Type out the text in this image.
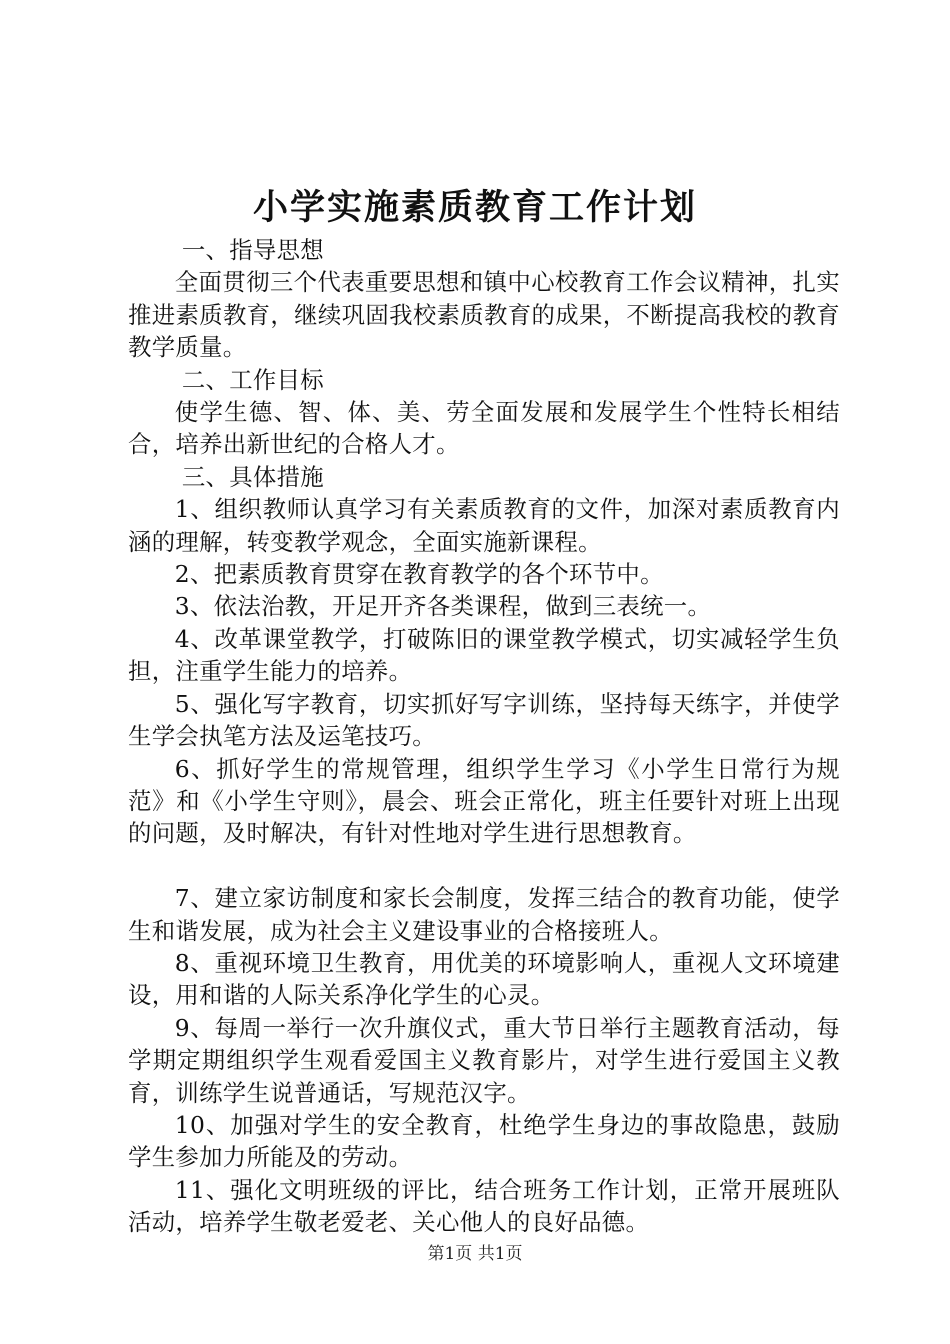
小学实施素质教育工作计划

一、指导思想

全面贯彻三个代表重要思想和镇中心校教育工作会议精神，扎实推进素质教育，继续巩固我校素质教育的成果，不断提高我校的教育教学质量。

二、工作目标

使学生德、智、体、美、劳全面发展和发展学生个性特长相结合，培养出新世纪的合格人才。

三、具体措施

1、组织教师认真学习有关素质教育的文件，加深对素质教育内涵的理解，转变教学观念，全面实施新课程。

2、把素质教育贯穿在教育教学的各个环节中。

3、依法治教，开足开齐各类课程，做到三表统一。

4、改革课堂教学，打破陈旧的课堂教学模式，切实减轻学生负担，注重学生能力的培养。

5、强化写字教育，切实抓好写字训练，坚持每天练字，并使学生学会执笔方法及运笔技巧。

6、抓好学生的常规管理，组织学生学习《小学生日常行为规范》和《小学生守则》，晨会、班会正常化，班主任要针对班上出现的问题，及时解决，有针对性地对学生进行思想教育。

7、建立家访制度和家长会制度，发挥三结合的教育功能，使学生和谐发展，成为社会主义建设事业的合格接班人。

8、重视环境卫生教育，用优美的环境影响人，重视人文环境建设，用和谐的人际关系净化学生的心灵。

9、每周一举行一次升旗仪式，重大节日举行主题教育活动，每学期定期组织学生观看爱国主义教育影片，对学生进行爱国主义教育，训练学生说普通话，写规范汉字。

10、加强对学生的安全教育，杜绝学生身边的事故隐患，鼓励学生参加力所能及的劳动。

11、强化文明班级的评比，结合班务工作计划，正常开展班队活动，培养学生敬老爱老、关心他人的良好品德。

第1页 共1页
